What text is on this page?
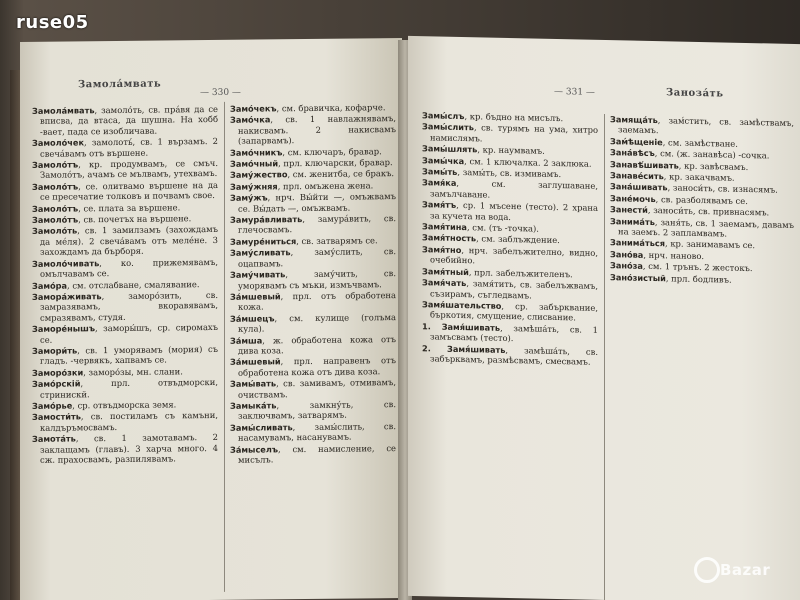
— 330 —
Замола́мвать

Замола́мвать, замоло́ть, св. пра́вя да се вписва, да втаса, да шушна. На хобб -вает, пада се изобличава.

Замоло́чек, замолоть́, св. 1 вързамъ. 2 свеча́вамъ отъ вършене.

Замоло́тъ, кр. продумвамъ, се смъч. Замоло́тъ, ачамъ се мълвамъ, утехвамъ.

Замоло́тъ, се. олитвамо вършене на да се пресечатие толковъ и почвамъ свое.

Замоло́тъ, се. плата за вършене.

Замоло́тъ, св. почетъх на вършене.

Замоло́ть, св. 1 замилзамъ (захождамъ да ме́ля). 2 свеча́вамъ отъ меле́не. 3 захождамъ да бърборя.

Замоло́чивать, ко. прижемявамъ, омълчавамъ се.

Замо́ра, см. отслабване, смалявание.

Замора́живать, заморо́зить, св. замразявамъ, вкоравявамъ, смразявамъ, студя.

Заморе́нышъ, заморы́шъ, ср. сиромахъ се.

Замори́ть, св. 1 уморявамъ (мория) съ гладъ. -червякъ, хапвамъ се.

Заморо́зки, заморо́зы, мн. слани.

Замо́рскій, прл. отвъдморски, стринискй.

Замо́рье, ср. отвъдморска земя.

Замости́ть, св. постиламъ съ камъни, калдъръмосвамъ.

Замота́ть, св. 1 замотавамъ. 2 заклащамъ (главъ). 3 харча много. 4 сж. прахосвамъ, разпилявамъ.

Замо́чекъ, см. бравичка, кофарче.

Замо́чка, св. 1 навлажнявамъ, накисвамъ. 2 накисвамъ (запарвамъ).

Замо́чникъ, см. ключаръ, бравар.

Замо́чный, прл. ключарски, бравар.

Заму́жество, см. женитба, се бракъ.

Заму́жняя, прл. омъжена жена.

Заму́жъ, нрч. Вы́йти —, омъжвамъ се. Вы́дать —, омъжвамъ.

Замура́вливать, замура́вить, св. глечосвамъ.

Замуре́ниться, св. затварямъ се.

Заму́сливать, заму́слить, св. оцапвамъ.

Заму́чивать, заму́чить, св. уморявамъ съ мъки, измъчвамъ.

За́мшевый, прл. отъ обработена кожа.

За́мшецъ, см. кулище (голъма кула).

За́мша, ж. обработена кожа отъ дива коза.

За́мшевый, прл. направенъ отъ обработена кожа отъ дива коза.

Замы́вать, св. замивамъ, отмивамъ, очиствамъ.

Замыка́ть, замкну́ть, св. заключвамъ, затварямъ.

Замы́сливать, замы́слить, св. насамувамъ, насанувамъ.

За́мыселъ, см. намисление, се мисълъ.

— 331 —	Заноза́ть

Замы́слъ, кр. бъдно на мисълъ.

Замы́слить, св. турямъ на ума, хитро намислямъ.

Замы́шлять, кр. наумвамъ.

Замы́чка, см. 1 ключалка. 2 заклюка.

Замы́ть, замы́ть, св. измивамъ.

Замя́ка, см. заглушаване, замълчаване.

Замя́тъ, ср. 1 мъсене (тесто). 2 храна за кучета на вода.

Замя́тина, см. (тъ -точка).

Замя́тность, см. заблъждение.

Замя́тно, нрч. забелъжително, видно, очебийно.

Замя́тный, прл. забелъжителенъ.

Замя́чать, замя́тить, св. забелъжвамъ, съзирамъ, съгледвамъ.

Замя́шательство, ср. забърквание, бъркотия, смущение, слисвание.

1. Замя́шивать, замѣша́ть, св. 1 замъсвамъ (тесто).

2. Замя́шивать, замѣша́ть, св. забърквамъ, размѣсвамъ, смесвамъ.

Замяща́ть, зам́стить, св. замѣствамъ, заемамъ.

Зам́ѣщеніе, см. замѣстване.

Зана́вѣсъ, см. (ж. занавѣса) -сочка.

Занавѣ́шивать, кр. завѣсвамъ.

Занаве́сить, кр. закачвамъ.

Зана́шивать, заноси́ть, св. изнасямъ.

Зане́мочь, св. разболявамъ се.

Занести́, заноси́ть, св. привнасямъ.

Занима́ть, заня́ть, св. 1 заемамъ, давамъ на заемъ. 2 запламвамъ.

Занима́ться, кр. занимавамъ се.

Зано́ва, нрч. наново.

Зано́за, см. 1 трънъ. 2 жестокъ.

Зано́зистый, прл. бодливъ.

ruse05
Bazar
